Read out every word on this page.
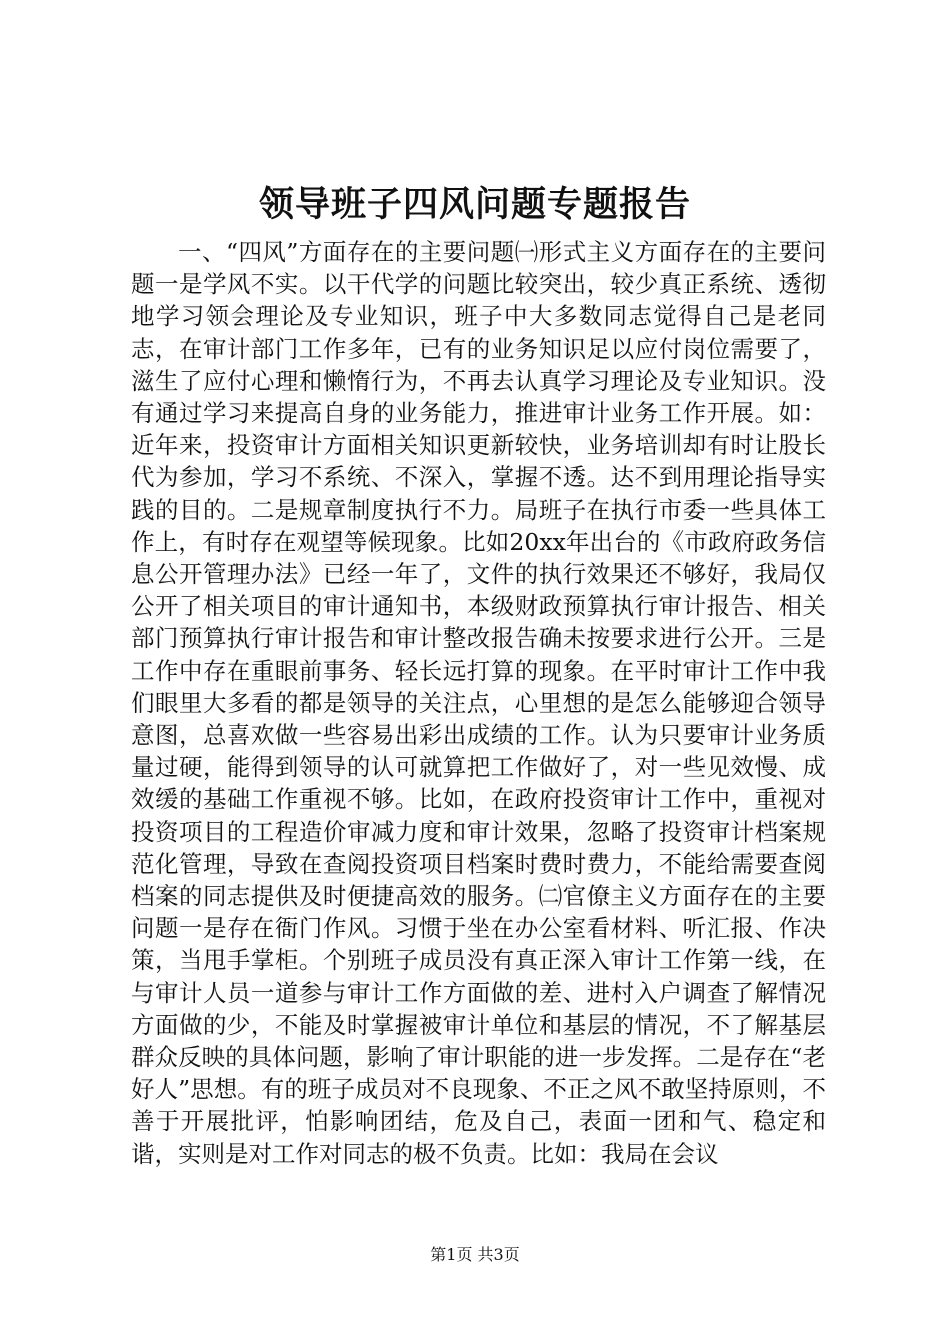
领导班子四风问题专题报告

一、“四风”方面存在的主要问题㈠形式主义方面存在的主要问题一是学风不实。以干代学的问题比较突出，较少真正系统、透彻地学习领会理论及专业知识，班子中大多数同志觉得自己是老同志，在审计部门工作多年，已有的业务知识足以应付岗位需要了，滋生了应付心理和懒惰行为，不再去认真学习理论及专业知识。没有通过学习来提高自身的业务能力，推进审计业务工作开展。如：近年来，投资审计方面相关知识更新较快，业务培训却有时让股长代为参加，学习不系统、不深入，掌握不透。达不到用理论指导实践的目的。二是规章制度执行不力。局班子在执行市委一些具体工作上，有时存在观望等候现象。比如20xx年出台的《市政府政务信息公开管理办法》已经一年了，文件的执行效果还不够好，我局仅公开了相关项目的审计通知书，本级财政预算执行审计报告、相关部门预算执行审计报告和审计整改报告确未按要求进行公开。三是工作中存在重眼前事务、轻长远打算的现象。在平时审计工作中我们眼里大多看的都是领导的关注点，心里想的是怎么能够迎合领导意图，总喜欢做一些容易出彩出成绩的工作。认为只要审计业务质量过硬，能得到领导的认可就算把工作做好了，对一些见效慢、成效缓的基础工作重视不够。比如，在政府投资审计工作中，重视对投资项目的工程造价审减力度和审计效果，忽略了投资审计档案规范化管理，导致在查阅投资项目档案时费时费力，不能给需要查阅档案的同志提供及时便捷高效的服务。㈡官僚主义方面存在的主要问题一是存在衙门作风。习惯于坐在办公室看材料、听汇报、作决策，当甩手掌柜。个别班子成员没有真正深入审计工作第一线，在与审计人员一道参与审计工作方面做的差、进村入户调查了解情况方面做的少，不能及时掌握被审计单位和基层的情况，不了解基层群众反映的具体问题，影响了审计职能的进一步发挥。二是存在“老好人”思想。有的班子成员对不良现象、不正之风不敢坚持原则，不善于开展批评，怕影响团结，危及自己，表面一团和气、稳定和谐，实则是对工作对同志的极不负责。比如：我局在会议

第1页 共3页
